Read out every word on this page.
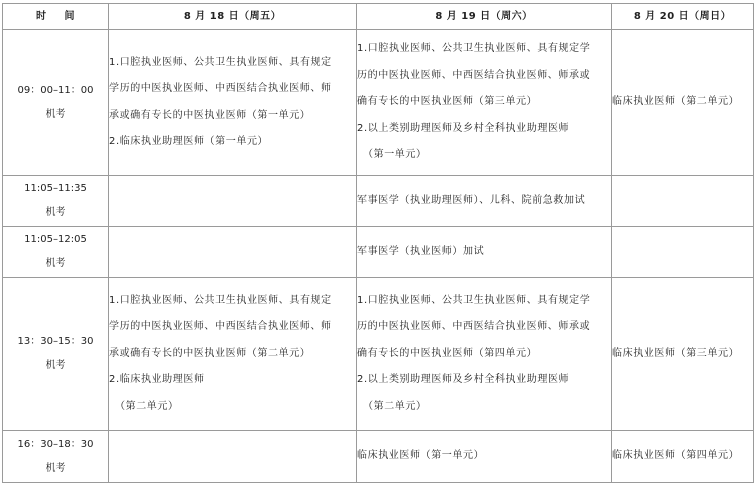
时 间	8 月 18 日（周五）	8 月 19 日（周六）	8 月 20 日（周日）

09：00–11：00
机考	1.口腔执业医师、公共卫生执业医师、具有规定
学历的中医执业医师、中西医结合执业医师、师
承或确有专长的中医执业医师（第一单元）
2.临床执业助理医师（第一单元）	1.口腔执业医师、公共卫生执业医师、具有规定学
历的中医执业医师、中西医结合执业医师、师承或
确有专长的中医执业医师（第三单元）
2.以上类别助理医师及乡村全科执业助理医师
（第一单元）	临床执业医师（第二单元）

11:05–11:35
机考		军事医学（执业助理医师）、儿科、院前急救加试	

11:05–12:05
机考		军事医学（执业医师）加试	

13：30–15：30
机考	1.口腔执业医师、公共卫生执业医师、具有规定
学历的中医执业医师、中西医结合执业医师、师
承或确有专长的中医执业医师（第二单元）
2.临床执业助理医师
（第二单元）	1.口腔执业医师、公共卫生执业医师、具有规定学
历的中医执业医师、中西医结合执业医师、师承或
确有专长的中医执业医师（第四单元）
2.以上类别助理医师及乡村全科执业助理医师
（第二单元）	临床执业医师（第三单元）

16：30–18：30
机考		临床执业医师（第一单元）	临床执业医师（第四单元）
